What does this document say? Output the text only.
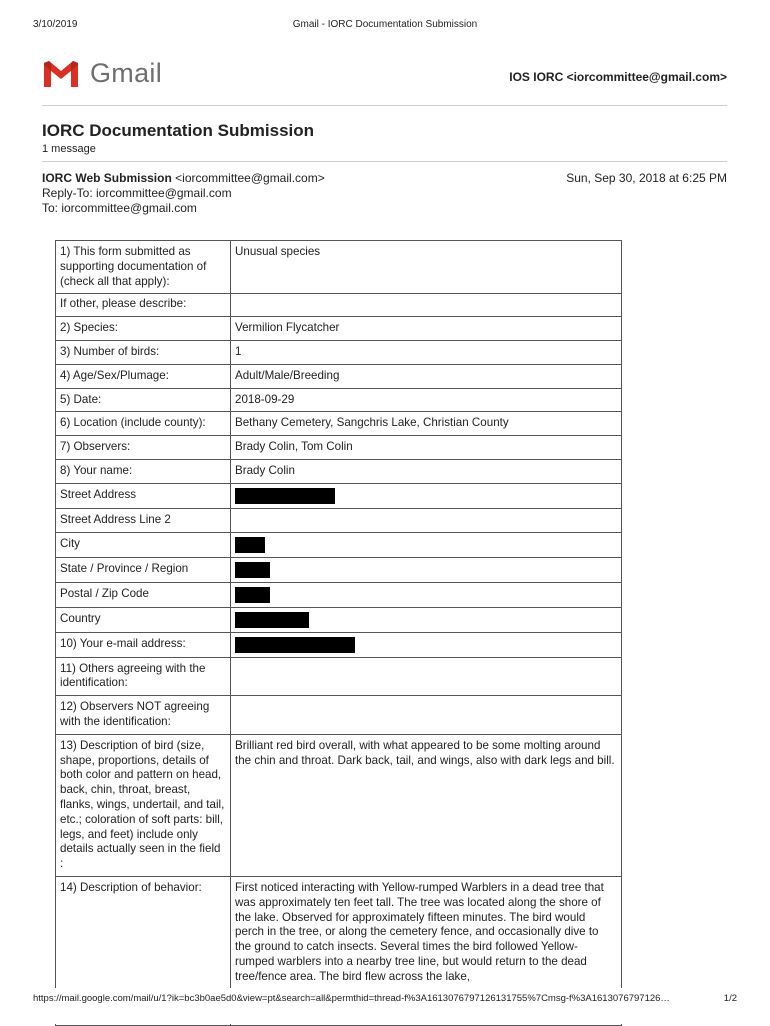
3/10/2019	Gmail - IORC Documentation Submission
Gmail	IOS IORC <iorcommittee@gmail.com>
IORC Documentation Submission
1 message
IORC Web Submission <iorcommittee@gmail.com>
Reply-To: iorcommittee@gmail.com
To: iorcommittee@gmail.com
Sun, Sep 30, 2018 at 6:25 PM
1) This form submitted as supporting documentation of (check all that apply):	Unusual species
If other, please describe:	
2) Species:	Vermilion Flycatcher
3) Number of birds:	1
4) Age/Sex/Plumage:	Adult/Male/Breeding
5) Date:	2018-09-29
6) Location (include county):	Bethany Cemetery, Sangchris Lake, Christian County
7) Observers:	Brady Colin, Tom Colin
8) Your name:	Brady Colin
Street Address	
Street Address Line 2	
City	
State / Province / Region	
Postal / Zip Code	
Country	
10) Your e-mail address:	
11) Others agreeing with the identification:	
12) Observers NOT agreeing with the identification:	
13) Description of bird (size, shape, proportions, details of both color and pattern on head, back, chin, throat, breast, flanks, wings, undertail, and tail, etc.; coloration of soft parts: bill, legs, and feet) include only details actually seen in the field :	Brilliant red bird overall, with what appeared to be some molting around the chin and throat. Dark back, tail, and wings, also with dark legs and bill.
14) Description of behavior:	First noticed interacting with Yellow-rumped Warblers in a dead tree that was approximately ten feet tall. The tree was located along the shore of the lake. Observed for approximately fifteen minutes. The bird would perch in the tree, or along the cemetery fence, and occasionally dive to the ground to catch insects. Several times the bird followed Yellow-rumped warblers into a nearby tree line, but would return to the dead tree/fence area. The bird flew across the lake,
https://mail.google.com/mail/u/1?ik=bc3b0ae5d0&view=pt&search=all&permthid=thread-f%3A1613076797126131755%7Cmsg-f%3A1613076797126…	1/2
